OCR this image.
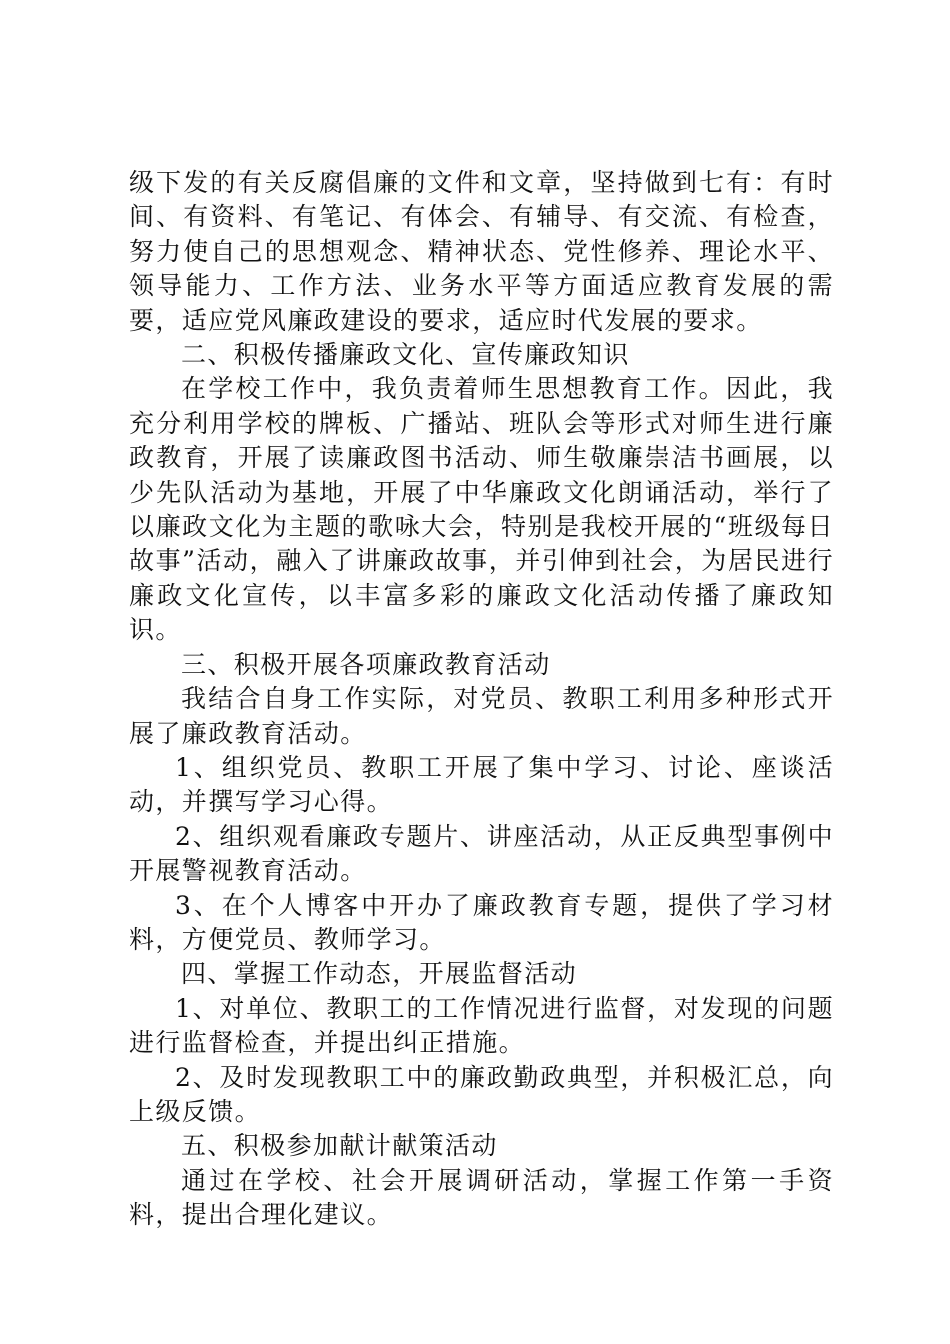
级下发的有关反腐倡廉的文件和文章，坚持做到七有：有时间、有资料、有笔记、有体会、有辅导、有交流、有检查，努力使自己的思想观念、精神状态、党性修养、理论水平、领导能力、工作方法、业务水平等方面适应教育发展的需要，适应党风廉政建设的要求，适应时代发展的要求。

二、积极传播廉政文化、宣传廉政知识

在学校工作中，我负责着师生思想教育工作。因此，我充分利用学校的牌板、广播站、班队会等形式对师生进行廉政教育，开展了读廉政图书活动、师生敬廉崇洁书画展，以少先队活动为基地，开展了中华廉政文化朗诵活动，举行了以廉政文化为主题的歌咏大会，特别是我校开展的“班级每日故事”活动，融入了讲廉政故事，并引伸到社会，为居民进行廉政文化宣传，以丰富多彩的廉政文化活动传播了廉政知识。

三、积极开展各项廉政教育活动

我结合自身工作实际，对党员、教职工利用多种形式开展了廉政教育活动。

1、组织党员、教职工开展了集中学习、讨论、座谈活动，并撰写学习心得。

2、组织观看廉政专题片、讲座活动，从正反典型事例中开展警视教育活动。

3、在个人博客中开办了廉政教育专题，提供了学习材料，方便党员、教师学习。

四、掌握工作动态，开展监督活动

1、对单位、教职工的工作情况进行监督，对发现的问题进行监督检查，并提出纠正措施。

2、及时发现教职工中的廉政勤政典型，并积极汇总，向上级反馈。

五、积极参加献计献策活动

通过在学校、社会开展调研活动，掌握工作第一手资料，提出合理化建议。
